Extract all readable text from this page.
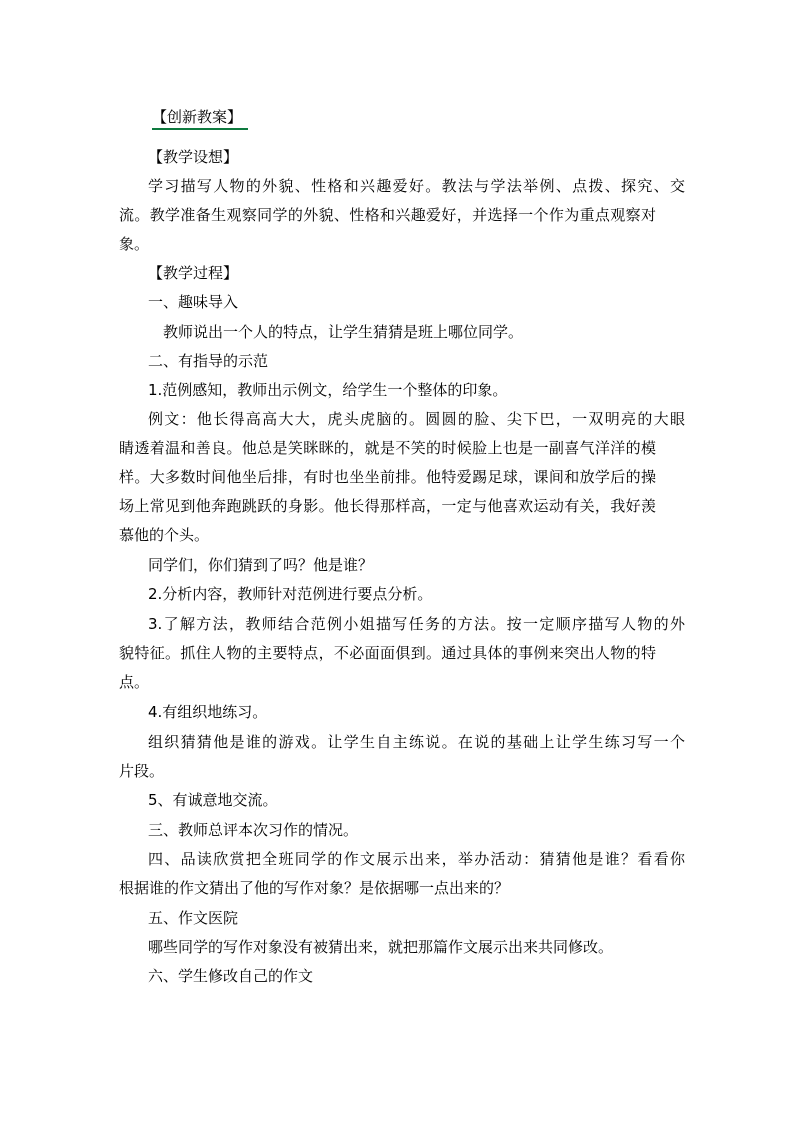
【创新教案】
【教学设想】
学习描写人物的外貌、性格和兴趣爱好。教法与学法举例、点拨、探究、交
流。教学准备生观察同学的外貌、性格和兴趣爱好，并选择一个作为重点观察对
象。
【教学过程】
一、趣味导入
教师说出一个人的特点，让学生猜猜是班上哪位同学。
二、有指导的示范
1.范例感知，教师出示例文，给学生一个整体的印象。
例文：他长得高高大大，虎头虎脑的。圆圆的脸、尖下巴，一双明亮的大眼
睛透着温和善良。他总是笑眯眯的，就是不笑的时候脸上也是一副喜气洋洋的模
样。大多数时间他坐后排，有时也坐坐前排。他特爱踢足球，课间和放学后的操
场上常见到他奔跑跳跃的身影。他长得那样高，一定与他喜欢运动有关，我好羡
慕他的个头。
同学们，你们猜到了吗？他是谁？
2.分析内容，教师针对范例进行要点分析。
3.了解方法，教师结合范例小姐描写任务的方法。按一定顺序描写人物的外
貌特征。抓住人物的主要特点，不必面面俱到。通过具体的事例来突出人物的特
点。
4.有组织地练习。
组织猜猜他是谁的游戏。让学生自主练说。在说的基础上让学生练习写一个
片段。
5、有诚意地交流。
三、教师总评本次习作的情况。
四、品读欣赏把全班同学的作文展示出来，举办活动：猜猜他是谁？看看你
根据谁的作文猜出了他的写作对象？是依据哪一点出来的？
五、作文医院
哪些同学的写作对象没有被猜出来，就把那篇作文展示出来共同修改。
六、学生修改自己的作文
